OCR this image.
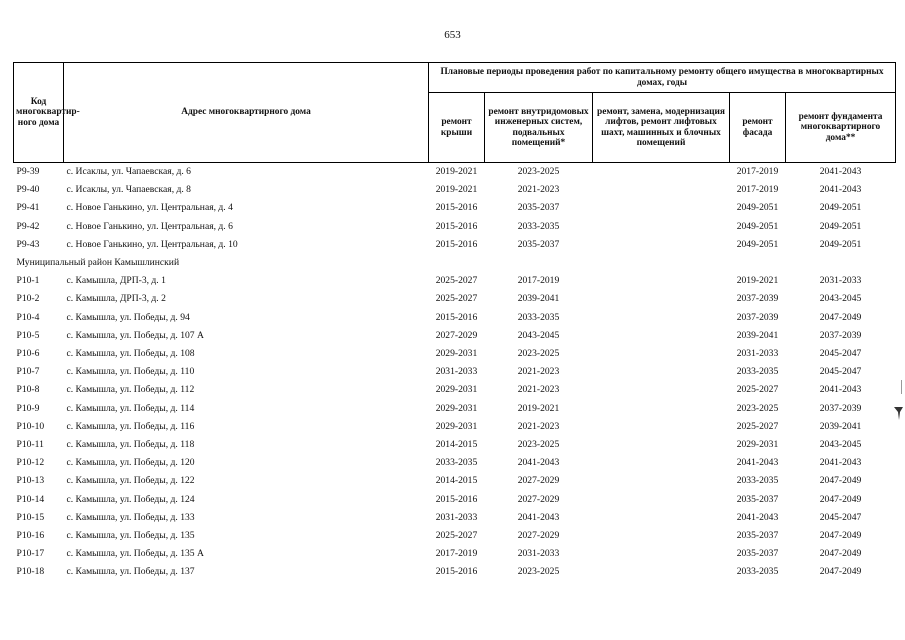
653
Код многоквартир-ного дома	Адрес многоквартирного дома	Плановые периоды проведения работ по капитальному ремонту общего имущества в многоквартирных домах, годы				
		ремонт крыши	ремонт внутридомовых инженерных систем, подвальных помещений*	ремонт, замена, модернизация лифтов, ремонт лифтовых шахт, машинных и блочных помещений	ремонт фасада	ремонт фундамента многоквартирного дома**
Р9-39	с. Исаклы, ул. Чапаевская, д. 6	2019-2021	2023-2025		2017-2019	2041-2043
Р9-40	с. Исаклы, ул. Чапаевская, д. 8	2019-2021	2021-2023		2017-2019	2041-2043
Р9-41	с. Новое Ганькино, ул. Центральная, д. 4	2015-2016	2035-2037		2049-2051	2049-2051
Р9-42	с. Новое Ганькино, ул. Центральная, д. 6	2015-2016	2033-2035		2049-2051	2049-2051
Р9-43	с. Новое Ганькино, ул. Центральная, д. 10	2015-2016	2035-2037		2049-2051	2049-2051
Муниципальный район Камышлинский						
Р10-1	с. Камышла, ДРП-3, д. 1	2025-2027	2017-2019		2019-2021	2031-2033
Р10-2	с. Камышла, ДРП-3, д. 2	2025-2027	2039-2041		2037-2039	2043-2045
Р10-4	с. Камышла, ул. Победы, д. 94	2015-2016	2033-2035		2037-2039	2047-2049
Р10-5	с. Камышла, ул. Победы, д. 107 А	2027-2029	2043-2045		2039-2041	2037-2039
Р10-6	с. Камышла, ул. Победы, д. 108	2029-2031	2023-2025		2031-2033	2045-2047
Р10-7	с. Камышла, ул. Победы, д. 110	2031-2033	2021-2023		2033-2035	2045-2047
Р10-8	с. Камышла, ул. Победы, д. 112	2029-2031	2021-2023		2025-2027	2041-2043
Р10-9	с. Камышла, ул. Победы, д. 114	2029-2031	2019-2021		2023-2025	2037-2039
Р10-10	с. Камышла, ул. Победы, д. 116	2029-2031	2021-2023		2025-2027	2039-2041
Р10-11	с. Камышла, ул. Победы, д. 118	2014-2015	2023-2025		2029-2031	2043-2045
Р10-12	с. Камышла, ул. Победы, д. 120	2033-2035	2041-2043		2041-2043	2041-2043
Р10-13	с. Камышла, ул. Победы, д. 122	2014-2015	2027-2029		2033-2035	2047-2049
Р10-14	с. Камышла, ул. Победы, д. 124	2015-2016	2027-2029		2035-2037	2047-2049
Р10-15	с. Камышла, ул. Победы, д. 133	2031-2033	2041-2043		2041-2043	2045-2047
Р10-16	с. Камышла, ул. Победы, д. 135	2025-2027	2027-2029		2035-2037	2047-2049
Р10-17	с. Камышла, ул. Победы, д. 135 А	2017-2019	2031-2033		2035-2037	2047-2049
Р10-18	с. Камышла, ул. Победы, д. 137	2015-2016	2023-2025		2033-2035	2047-2049
